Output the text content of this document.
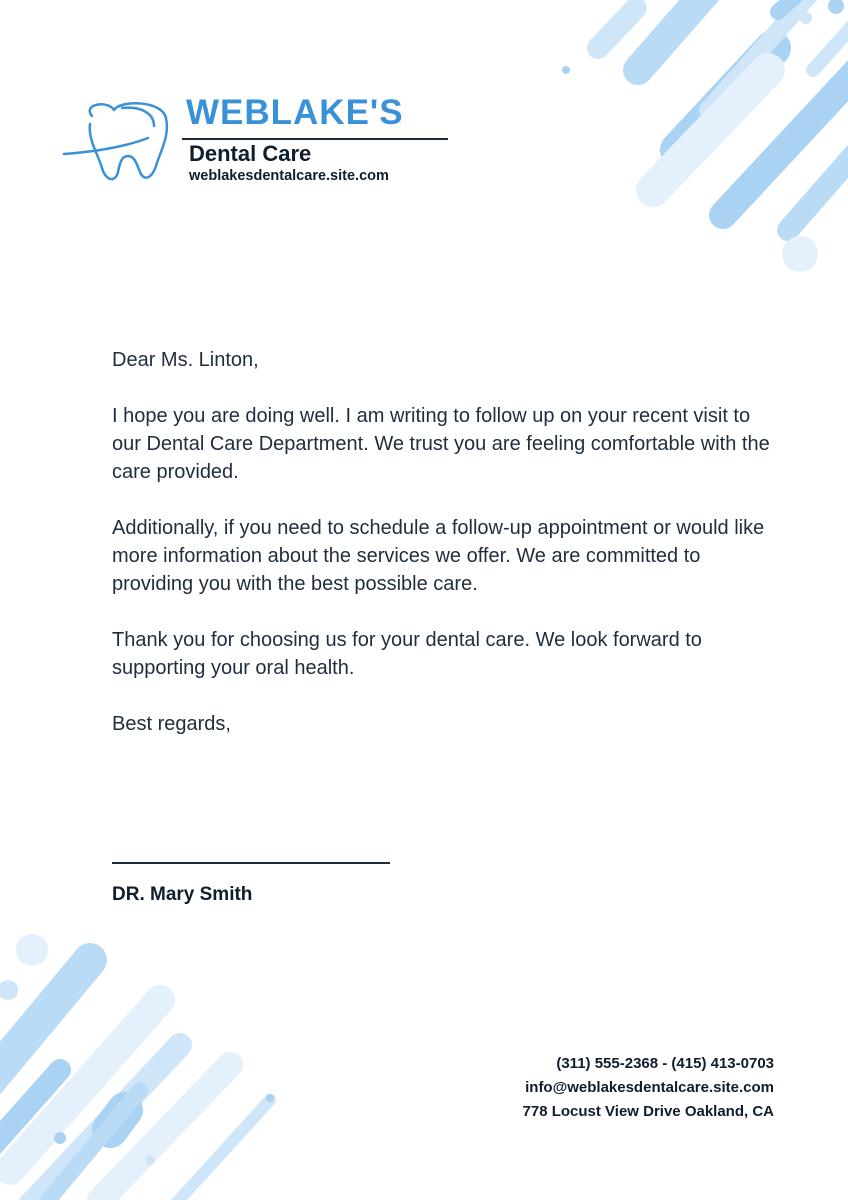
WEBLAKE'S
Dental Care
weblakesdentalcare.site.com

Dear Ms. Linton,

I hope you are doing well. I am writing to follow up on your recent visit to our Dental Care Department. We trust you are feeling comfortable with the care provided.

Additionally, if you need to schedule a follow-up appointment or would like more information about the services we offer. We are committed to providing you with the best possible care.

Thank you for choosing us for your dental care. We look forward to supporting your oral health.

Best regards,

DR. Mary Smith
(311) 555-2368 - (415) 413-0703
info@weblakesdentalcare.site.com
778 Locust View Drive Oakland, CA
